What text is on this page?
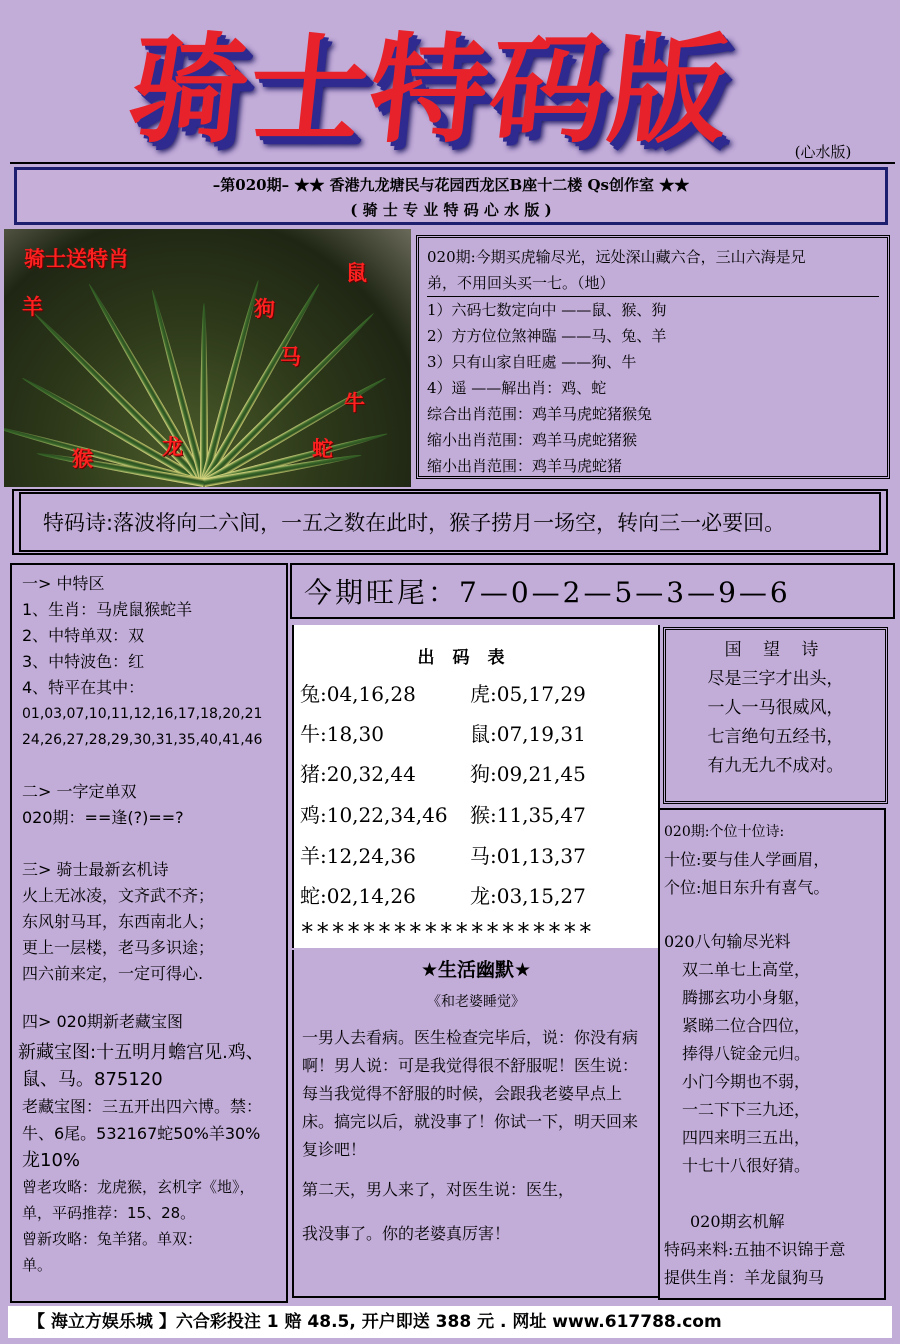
骑士特码版	(心水版)
–第020期– ★★ 香港九龙塘民与花园西龙区B座十二楼 Qs创作室 ★★
( 骑 士 专 业 特 码 心 水 版 )
骑士送特肖
鼠
羊	狗
马
牛
猴	龙	蛇
020期:今期买虎输尽光，远处深山藏六合，三山六海是兄
弟，不用回头买一七。（地）
1）六码七数定向中 ——鼠、猴、狗
2）方方位位煞神臨 ——马、兔、羊
3）只有山家自旺處 ——狗、牛
4）遥 ——解出肖：鸡、蛇
综合出肖范围：鸡羊马虎蛇猪猴兔
缩小出肖范围：鸡羊马虎蛇猪猴
缩小出肖范围：鸡羊马虎蛇猪
特码诗:落波将向二六间，一五之数在此时，猴子捞月一场空，转向三一必要回。
一> 中特区
1、生肖：马虎鼠猴蛇羊
2、中特单双：双
3、中特波色：红
4、特平在其中：
01,03,07,10,11,12,16,17,18,20,21
24,26,27,28,29,30,31,35,40,41,46
二> 一字定单双
020期：==逢(?)==?
三> 骑士最新玄机诗
火上无冰凌，文齐武不齐；
东风射马耳，东西南北人；
更上一层楼，老马多识途；
四六前来定，一定可得心.
四> 020期新老藏宝图
新藏宝图:十五明月蟾宫见.鸡、
鼠、马。875120
老藏宝图：三五开出四六博。禁：
牛、6尾。532167蛇50%羊30%
龙10%
曾老攻略：龙虎猴，玄机字《地》，
单，平码推荐：15、28。
曾新攻略：兔羊猪。单双：
单。
今期旺尾：7—0—2—5—3—9—6
出码表
兔:04,16,28	虎:05,17,29
牛:18,30	鼠:07,19,31
猪:20,32,44	狗:09,21,45
鸡:10,22,34,46 猴:11,35,47
羊:12,24,36	马:01,13,37
蛇:02,14,26	龙:03,15,27
*******************
★生活幽默★
《和老婆睡觉》
一男人去看病。医生检查完毕后，说：你没有病啊！男人说：可是我觉得很不舒服呢！医生说：每当我觉得不舒服的时候，会跟我老婆早点上床。搞完以后，就没事了！你试一下，明天回来复诊吧！
第二天，男人来了，对医生说：医生，
我没事了。你的老婆真厉害！
国 望 诗
尽是三字才出头，
一人一马很威风，
七言绝句五经书，
有九无九不成对。
020期:个位十位诗:
十位:要与佳人学画眉，
个位:旭日东升有喜气。
020八句输尽光料
双二单七上高堂，
腾挪玄功小身躯，
紧睇二位合四位，
捧得八锭金元归。
小门今期也不弱，
一二下下三九还，
四四来明三五出，
十七十八很好猜。
020期玄机解
特码来料:五抽不识锦于意
提供生肖：羊龙鼠狗马
【 海立方娱乐城 】六合彩投注 1 赔 48.5, 开户即送 388 元 . 网址 www.617788.com
